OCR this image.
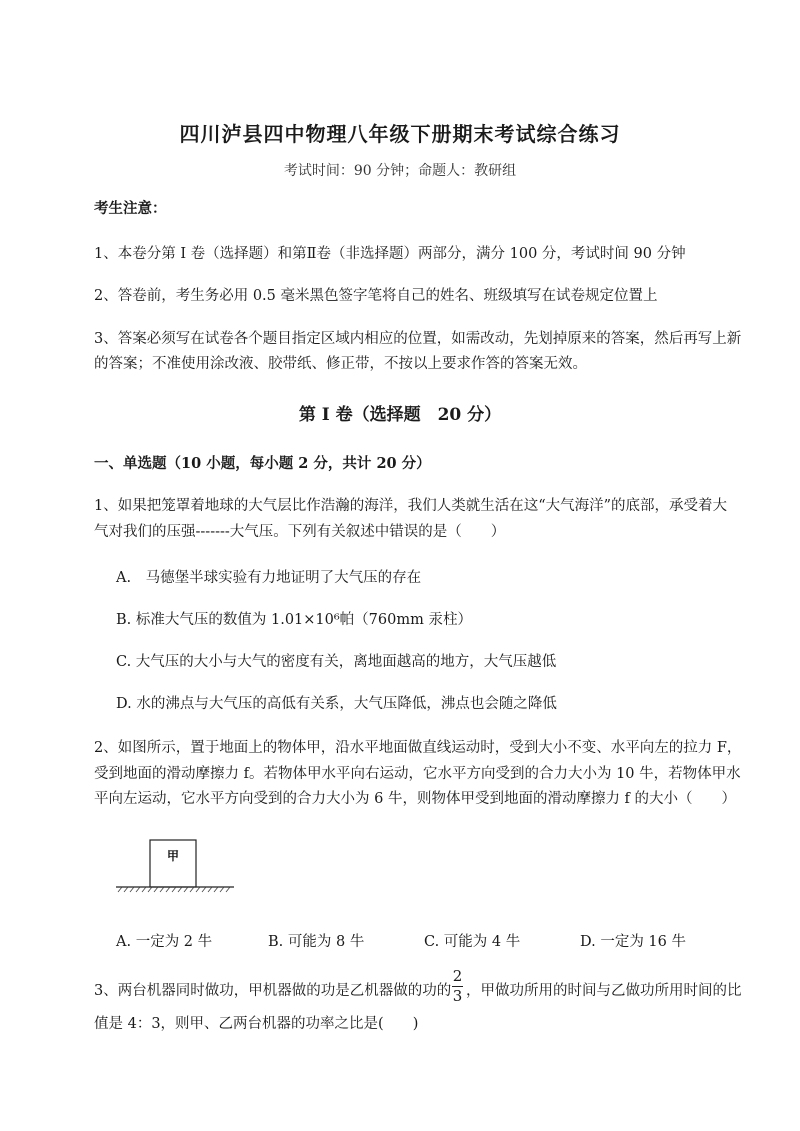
四川泸县四中物理八年级下册期末考试综合练习
考试时间：90 分钟；命题人：教研组
考生注意：
1、本卷分第 I 卷（选择题）和第Ⅱ卷（非选择题）两部分，满分 100 分，考试时间 90 分钟
2、答卷前，考生务必用 0.5 毫米黑色签字笔将自己的姓名、班级填写在试卷规定位置上
3、答案必须写在试卷各个题目指定区域内相应的位置，如需改动，先划掉原来的答案，然后再写上新
的答案；不准使用涂改液、胶带纸、修正带，不按以上要求作答的答案无效。
第 I 卷（选择题　20 分）
一、单选题（10 小题，每小题 2 分，共计 20 分）
1、如果把笼罩着地球的大气层比作浩瀚的海洋，我们人类就生活在这“大气海洋”的底部，承受着大
气对我们的压强-------大气压。下列有关叙述中错误的是（　　）
A.　马德堡半球实验有力地证明了大气压的存在
B. 标准大气压的数值为 1.01×10⁶帕（760mm 汞柱）
C. 大气压的大小与大气的密度有关，离地面越高的地方，大气压越低
D. 水的沸点与大气压的高低有关系，大气压降低，沸点也会随之降低
2、如图所示，置于地面上的物体甲，沿水平地面做直线运动时，受到大小不变、水平向左的拉力 F，
受到地面的滑动摩擦力 f。若物体甲水平向右运动，它水平方向受到的合力大小为 10 牛，若物体甲水
平向左运动，它水平方向受到的合力大小为 6 牛，则物体甲受到地面的滑动摩擦力 f 的大小（　　）
甲
A. 一定为 2 牛	B. 可能为 8 牛	C. 可能为 4 牛	D. 一定为 16 牛
3、两台机器同时做功，甲机器做的功是乙机器做的功的
2
3 ，甲做功所用的时间与乙做功所用时间的比
值是 4：3，则甲、乙两台机器的功率之比是(　　)
